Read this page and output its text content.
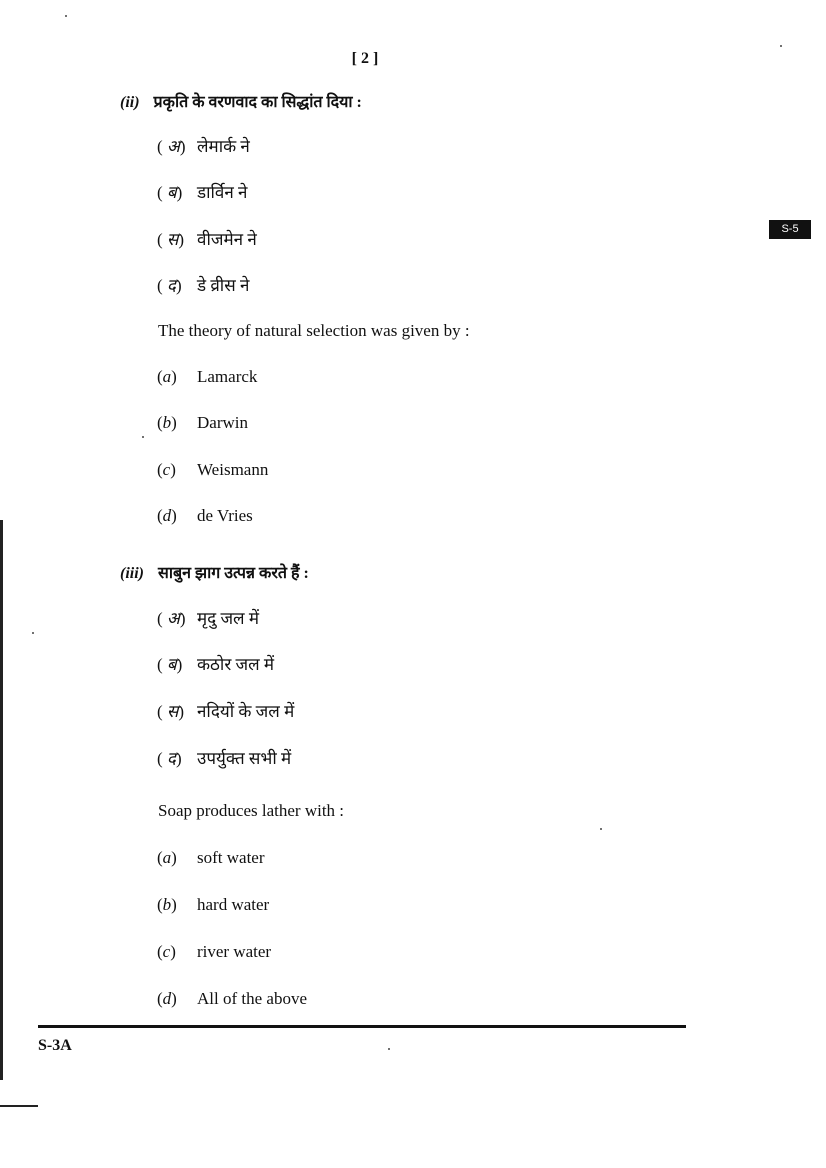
[ 2 ]
S-5
(ii) प्रकृति के वरणवाद का सिद्धांत दिया :
( अ) लेमार्क ने
( ब) डार्विन ने
( स) वीजमेन ने
( द) डे व्रीस ने
The theory of natural selection was given by :
(a) Lamarck
(b) Darwin
(c) Weismann
(d) de Vries
(iii) साबुन झाग उत्पन्न करते हैं :
( अ) मृदु जल में
( ब) कठोर जल में
( स) नदियों के जल में
( द) उपर्युक्त सभी में
Soap produces lather with :
(a) soft water
(b) hard water
(c) river water
(d) All of the above
S-3A
